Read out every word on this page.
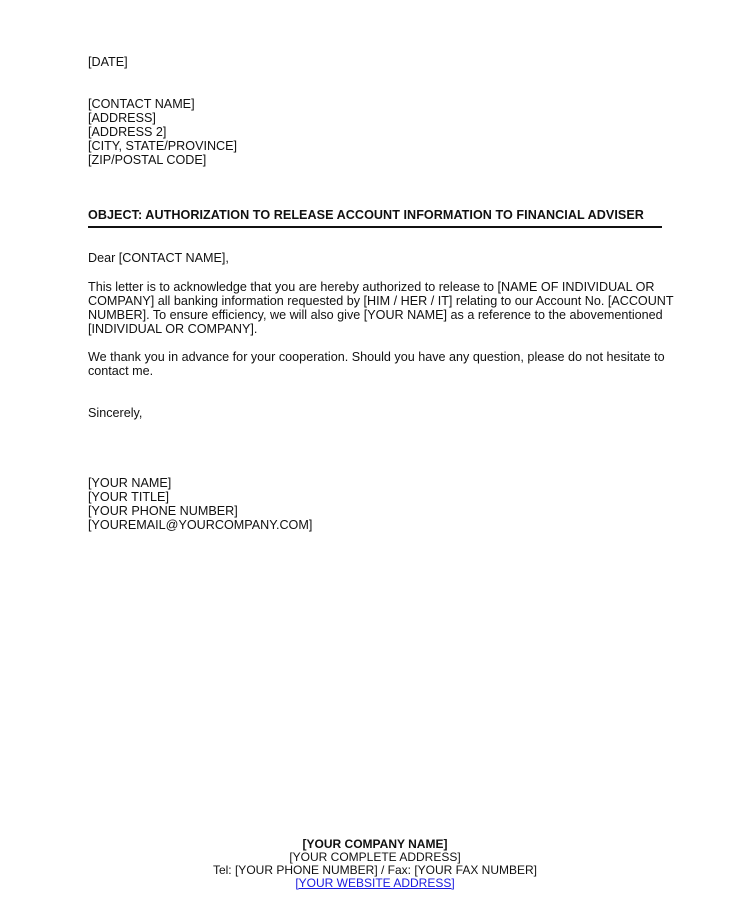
[DATE]
[CONTACT NAME]
[ADDRESS]
[ADDRESS 2]
[CITY, STATE/PROVINCE]
[ZIP/POSTAL CODE]
OBJECT: AUTHORIZATION TO RELEASE ACCOUNT INFORMATION TO FINANCIAL ADVISER
Dear [CONTACT NAME],
This letter is to acknowledge that you are hereby authorized to release to [NAME OF INDIVIDUAL OR
COMPANY] all banking information requested by [HIM / HER / IT] relating to our Account No. [ACCOUNT
NUMBER]. To ensure efficiency, we will also give [YOUR NAME] as a reference to the abovementioned
[INDIVIDUAL OR COMPANY].
We thank you in advance for your cooperation. Should you have any question, please do not hesitate to
contact me.
Sincerely,
[YOUR NAME]
[YOUR TITLE]
[YOUR PHONE NUMBER]
[YOUREMAIL@YOURCOMPANY.COM]
[YOUR COMPANY NAME]
[YOUR COMPLETE ADDRESS]
Tel: [YOUR PHONE NUMBER] / Fax: [YOUR FAX NUMBER]
[YOUR WEBSITE ADDRESS]
